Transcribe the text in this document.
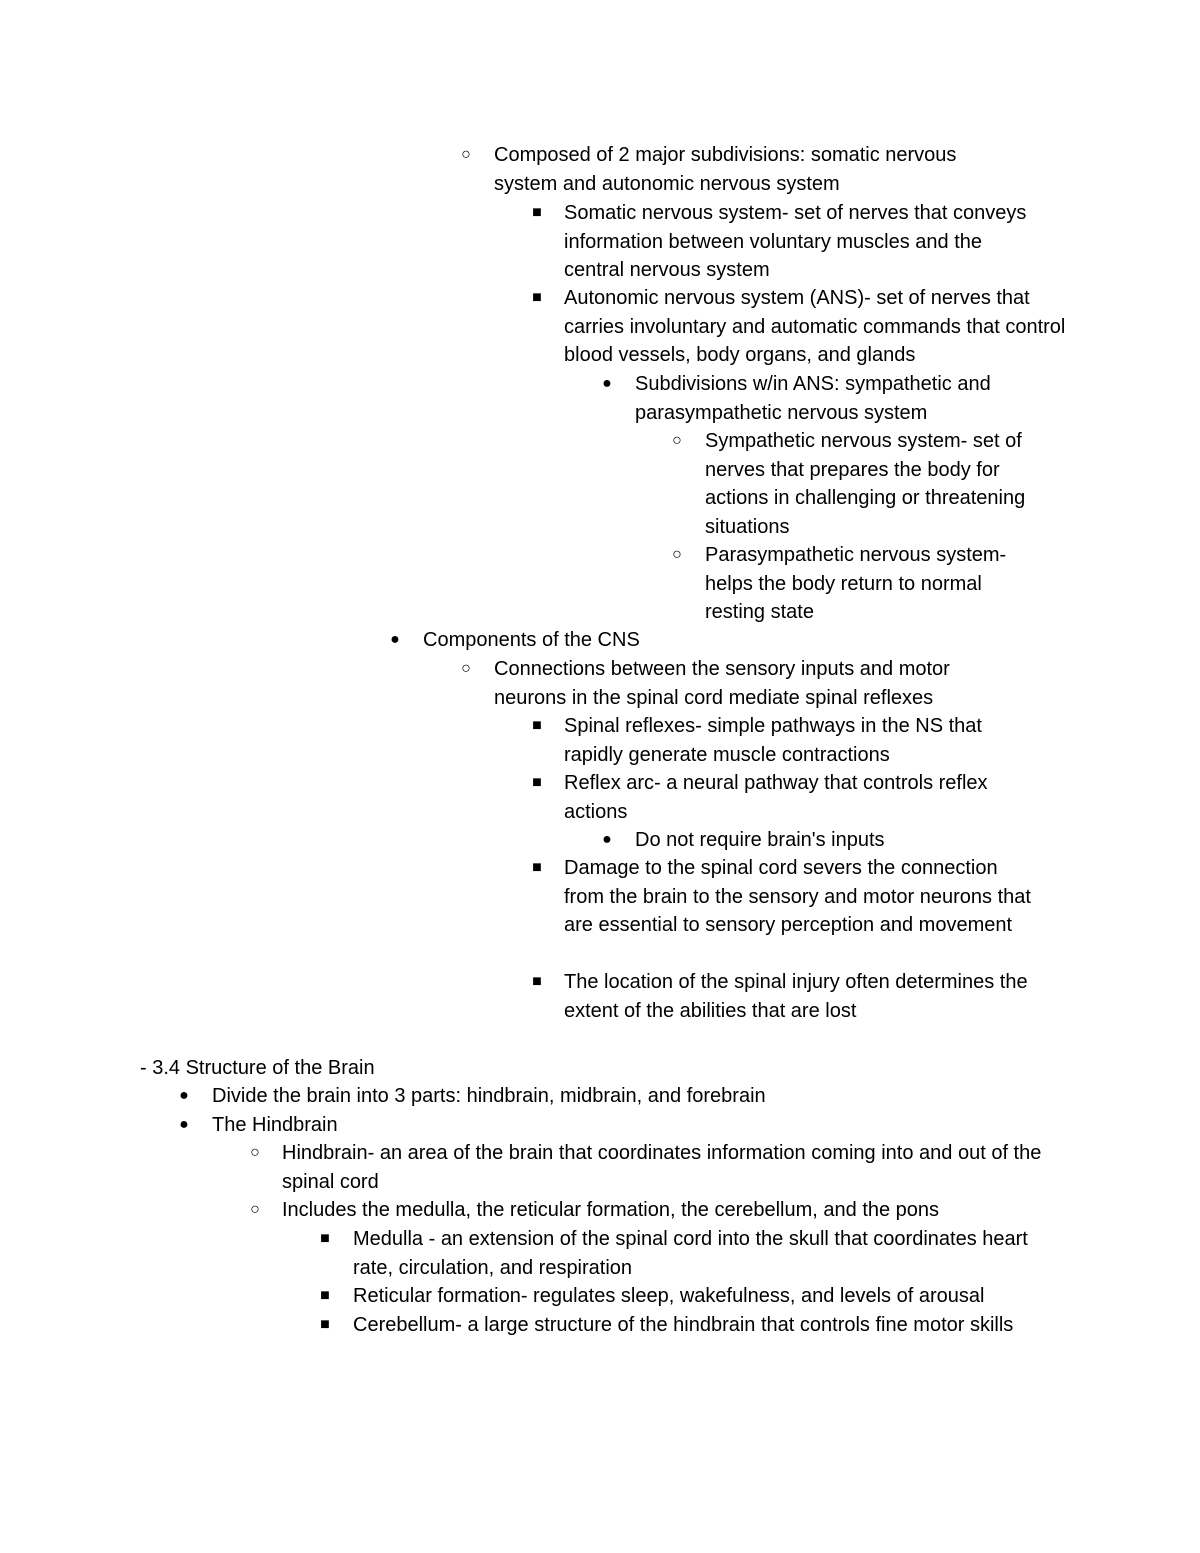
○ Composed of 2 major subdivisions: somatic nervous system and autonomic nervous system
■ Somatic nervous system- set of nerves that conveys information between voluntary muscles and the central nervous system
■ Autonomic nervous system (ANS)- set of nerves that carries involuntary and automatic commands that control blood vessels, body organs, and glands
● Subdivisions w/in ANS: sympathetic and parasympathetic nervous system
○ Sympathetic nervous system- set of nerves that prepares the body for actions in challenging or threatening situations
○ Parasympathetic nervous system- helps the body return to normal resting state
● Components of the CNS
○ Connections between the sensory inputs and motor neurons in the spinal cord mediate spinal reflexes
■ Spinal reflexes- simple pathways in the NS that rapidly generate muscle contractions
■ Reflex arc- a neural pathway that controls reflex actions
● Do not require brain's inputs
■ Damage to the spinal cord severs the connection from the brain to the sensory and motor neurons that are essential to sensory perception and movement
■ The location of the spinal injury often determines the extent of the abilities that are lost
- 3.4 Structure of the Brain
● Divide the brain into 3 parts: hindbrain, midbrain, and forebrain
● The Hindbrain
○ Hindbrain- an area of the brain that coordinates information coming into and out of the spinal cord
○ Includes the medulla, the reticular formation, the cerebellum, and the pons
■ Medulla - an extension of the spinal cord into the skull that coordinates heart rate, circulation, and respiration
■ Reticular formation- regulates sleep, wakefulness, and levels of arousal
■ Cerebellum- a large structure of the hindbrain that controls fine motor skills
